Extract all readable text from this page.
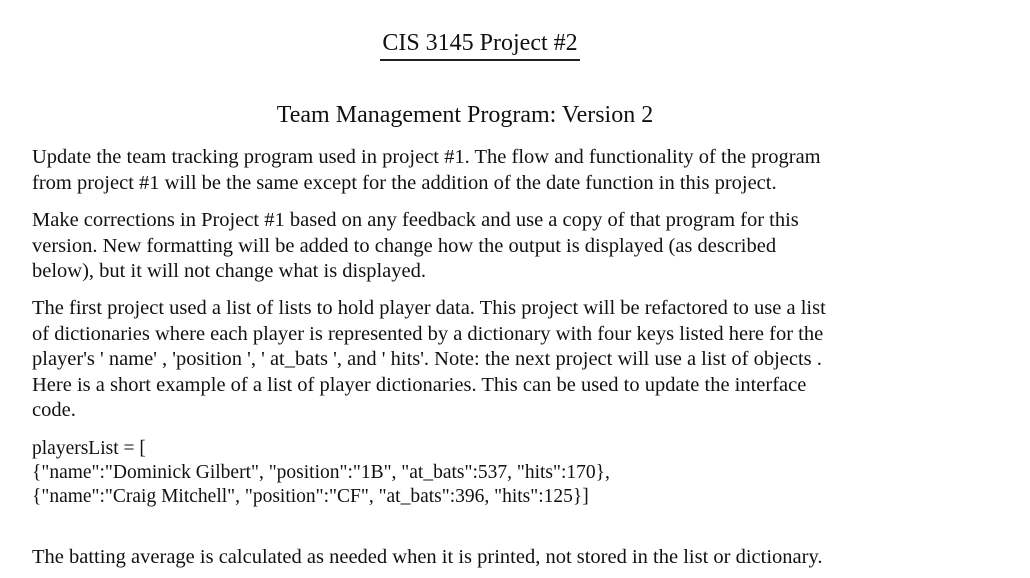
CIS 3145 Project #2
Team Management Program: Version 2

Update the team tracking program used in project #1. The flow and functionality of the program
from project #1 will be the same except for the addition of the date function in this project.

Make corrections in Project #1 based on any feedback and use a copy of that program for this
version. New formatting will be added to change how the output is displayed (as described
below), but it will not change what is displayed.

The first project used a list of lists to hold player data. This project will be refactored to use a list
of dictionaries where each player is represented by a dictionary with four keys listed here for the
player's ' name' , 'position ', ' at_bats ', and ' hits'. Note: the next project will use a list of objects .
Here is a short example of a list of player dictionaries. This can be used to update the interface
code.

playersList = [
{"name":"Dominick Gilbert", "position":"1B", "at_bats":537, "hits":170},
{"name":"Craig Mitchell", "position":"CF", "at_bats":396, "hits":125}]

The batting average is calculated as needed when it is printed, not stored in the list or dictionary.
